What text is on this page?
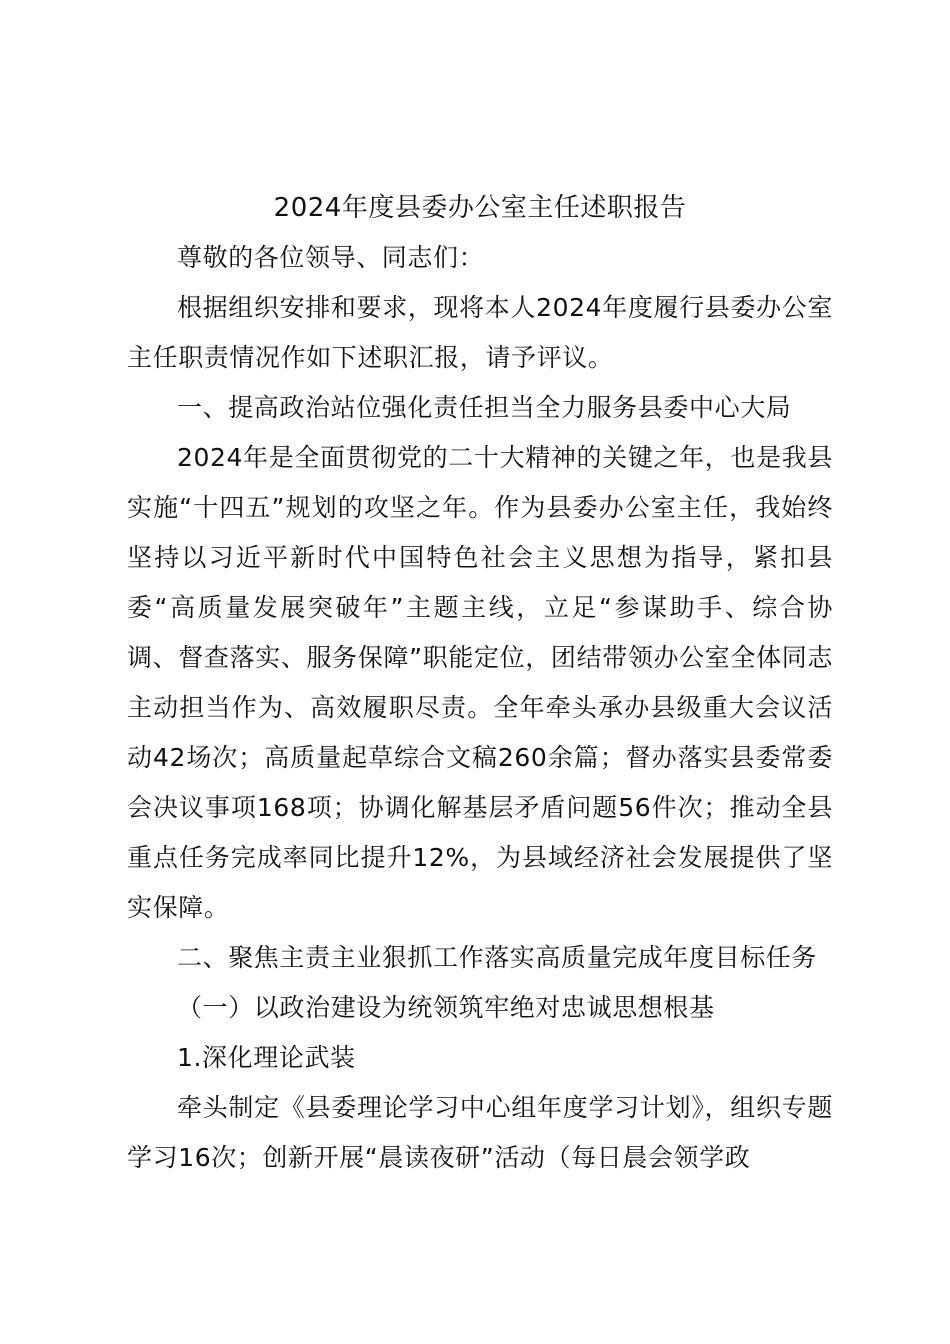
2024年度县委办公室主任述职报告

尊敬的各位领导、同志们：

根据组织安排和要求，现将本人2024年度履行县委办公室主任职责情况作如下述职汇报，请予评议。

一、提高政治站位强化责任担当全力服务县委中心大局

2024年是全面贯彻党的二十大精神的关键之年，也是我县实施“十四五”规划的攻坚之年。作为县委办公室主任，我始终坚持以习近平新时代中国特色社会主义思想为指导，紧扣县委“高质量发展突破年”主题主线，立足“参谋助手、综合协调、督查落实、服务保障”职能定位，团结带领办公室全体同志主动担当作为、高效履职尽责。全年牵头承办县级重大会议活动42场次；高质量起草综合文稿260余篇；督办落实县委常委会决议事项168项；协调化解基层矛盾问题56件次；推动全县重点任务完成率同比提升12%，为县域经济社会发展提供了坚实保障。

二、聚焦主责主业狠抓工作落实高质量完成年度目标任务

（一）以政治建设为统领筑牢绝对忠诚思想根基

1.深化理论武装

牵头制定《县委理论学习中心组年度学习计划》，组织专题学习16次；创新开展“晨读夜研”活动（每日晨会领学政
